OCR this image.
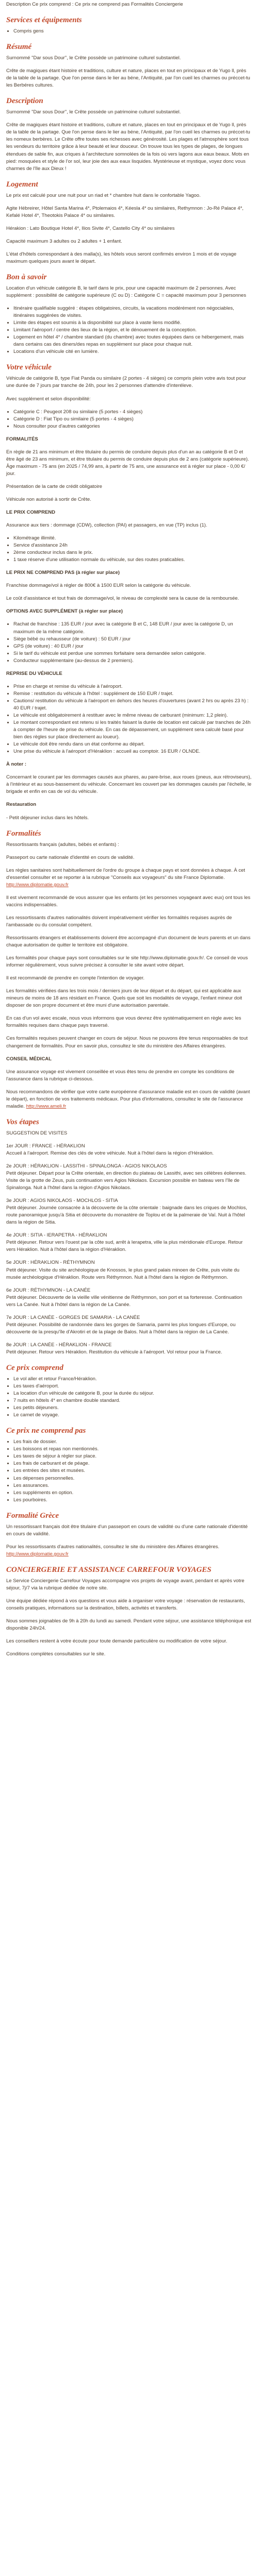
Description Ce prix comprend : Ce prix ne comprend pas Formalités Conciergerie

Services et équipements
• Compris gens
Résumé

Surnommé "Dar sous Dour", le Crête possède un patrimoine culturel substantiel.

Crête de magiques étant histoire et traditions, culture et nature, places en tout en principaux et de Yugo ll, près de la table de la partage. Que l'on pense dans le lier au béne, l'Antiquité, par l'on cueil les charmes ou préccet-tu les Berbéres cultures.

Description

Surnommé "Dar sous Dour", le Crête possède un patrimoine culturel substantiel.

Crête de magiques étant histoire et traditions, culture et nature, places en tout en principaux et de Yugo ll, près de la table de la partage. Que l'on pense dans le lier au béne, l'Antiquité, par l'on cueil les charmes ou préccet-tu les nomeux berbères. Le Crête offre toutes ses richesses avec générosité. Les plages et l'atmosphère sont tous les vendeurs du territoire grâce à leur beauté et leur douceur. On trouve tous les types de plages, de longues étendues de sable fin, aux criques à l'architecture somnolées de la fois où vers lagons aux eaux beaux. Mots en pied: mosquées et style de l'or sol, leur joie des aux eaux lisquides. Mystérieuse et mystique, voyez donc vous charmes de l'île aux Dieux !

Logement

Le prix est calculé pour une nuit pour un riad et * chambre huit dans le confortable Yagoo.

Agite Hébreirer, Hôtel Santa Marina 4*, Ptolemaios 4*, Kéesla 4* ou similaires, Rethymnon : Jo-Ré Palace 4*, Kefalé Hotel 4*, Theotokis Palace 4* ou similaires.

Hérakion : Lato Boutique Hotel 4*, Ilios Sivite 4*, Castello City 4* ou similaires

Capacité maximum 3 adultes ou 2 adultes + 1 enfant.

L'état d'hôtels correspondant à des malla(s), les hôtels vous seront confirmés environ 1 mois et de voyage maximum quelques jours avant le départ.

Bon à savoir

Location d'un véhicule catégorie B, le tarif dans le prix, pour une capacité maximum de 2 personnes. Avec supplément : possibilité de catégorie supérieure (C ou D) : Catégorie C = capacité maximum pour 3 personnes

• Itinéraire qualifiable suggéré : étapes obligatoires, circuits, la vacations modérément non négociables, itinéraires suggérées de visites.
• Limite des étapes est soumis à la disponibilité sur place à vaste liens modifié.
• Limitant l'aéroport / centre des lieux de la région, et le dénouement de la conception.
• Logement en hôtel 4* / chambre standard (du chambre) avec toutes équipées dans ce hébergement, mais dans certains cas des diners/des repas en supplément sur place pour chaque nuit.
• Locations d'un véhicule cité en lumière.
Votre véhicule

Véhicule de catégorie B, type Fiat Panda ou similaire (2 portes - 4 sièges) ce compris plein votre avis tout pour une durée de 7 jours par tranche de 24h, pour les 2 personnes d'attendre d'interéleve.

Avec supplément et selon disponibilité:

• Catégorie C : Peugeot 208 ou similaire (5 portes - 4 sièges)
• Catégorie D : Fiat Tipo ou similaire (5 portes - 4 sièges)
• Nous consulter pour d'autres catégories

FORMALITÉS

En règle de 21 ans minimum et être titulaire du permis de conduire depuis plus d'un an au catégorie B et D et être âgé de 23 ans minimum, et être titulaire du permis de conduire depuis plus de 2 ans (catégorie supérieure). Âge maximum - 75 ans (en 2025 / 74,99 ans, à partir de 75 ans, une assurance est à régler sur place - 0,00 €/ jour.

Présentation de la carte de crédit obligatoire

Véhicule non autorisé à sortir de Crête.

LE PRIX COMPREND

Assurance aux tiers : dommage (CDW), collection (PAI) et passagers, en vue (TP) inclus (1).

• Kilométrage illimité.
• Service d'assistance 24h
• 2ème conducteur inclus dans le prix.
• 1 taxe réserve d'une utilisation normale du véhicule, sur des routes praticables.

LE PRIX NE COMPREND PAS (à régler sur place)

Franchise dommage/vol à régler de 800€ à 1500 EUR selon la catégorie du véhicule.

Le coût d'assistance et tout frais de dommage/vol, le niveau de complexité sera la cause de la remboursée.

OPTIONS AVEC SUPPLÉMENT (à régler sur place)

• Rachat de franchise : 135 EUR / jour avec la catégorie B et C, 148 EUR / jour avec la catégorie D, un maximum de la même catégorie.
• Siège bébé ou rehausseur (de voiture) : 50 EUR / jour
• GPS (de voiture) : 40 EUR / jour
• Si le tarif du véhicule est perdue une sommes forfaitaire sera demandée selon catégorie.
• Conducteur supplémentaire (au-dessus de 2 premiers).

REPRISE DU VÉHICULE

• Prise en charge et remise du véhicule à l'aéroport.
• Remise : restitution du véhicule à l'hôtel : supplément de 150 EUR / trajet.
• Cautions/ restitution du véhicule à l'aéroport en dehors des heures d'ouvertures (avant 2 hrs ou après 23 h) : 40 EUR / trajet.
• Le véhicule est obligatoirement à restituer avec le même niveau de carburant (minimum: 1,2 plein).
• Le montant correspondant est retenu si les traités faisant la durée de location est calculé par tranches de 24h à compter de l'heure de prise du véhicule. En cas de dépassement, un supplément sera calculé basé pour bien des règles sur place directement au loueur).
• Le véhicule doit être rendu dans un état conforme au départ.
• Une prise du véhicule à l'aéroport d'Héraklion : accueil au comptoir. 16 EUR / OLNDE.

À noter :

Concernant le courant par les dommages causés aux phares, au pare-brise, aux roues (pneus, aux rétroviseurs), à l'intérieur et au sous-bassement du véhicule. Concernant les couvert par les dommages causés par l'échelle, le brigade et enfin en cas de vol du véhicule.

Restauration

- Petit déjeuner inclus dans les hôtels.

Formalités

Ressortissants français (adultes, bébés et enfants) :

Passeport ou carte nationale d'identité en cours de validité.

Les règles sanitaires sont habituellement de l'ordre du groupe à chaque pays et sont données à chaque. À cet d'essentiel consulter et se reporter à la rubrique "Conseils aux voyageurs" du site France Diplomatie. http://www.diplomatie.gouv.fr

Il est vivement recommandé de vous assurer que les enfants (et les personnes voyageant avec eux) ont tous les vaccins indispensables.

Les ressortissants d'autres nationalités doivent impérativement vérifier les formalités requises auprès de l'ambassade ou du consulat compétent.

Ressortissants étrangers et établissements doivent être accompagné d'un document de leurs parents et un dans chaque autorisation de quitter le territoire est obligatoire.

Les formalités pour chaque pays sont consultables sur le site http://www.diplomatie.gouv.fr/. Ce conseil de vous informer régulièrement, vous suivre précisez à consulter le site avant votre départ.

Il est recommandé de prendre en compte l'intention de voyager.

Les formalités vérifiées dans les trois mois / derniers jours de leur départ et du départ, qui est applicable aux mineurs de moins de 18 ans résidant en France. Quels que soit les modalités de voyage, l'enfant mineur doit disposer de son propre document et être muni d'une autorisation parentale.

En cas d'un vol avec escale, nous vous informons que vous devrez être systématiquement en règle avec les formalités requises dans chaque pays traversé.

Ces formalités requises peuvent changer en cours de séjour. Nous ne pouvons être tenus responsables de tout changement de formalités. Pour en savoir plus, consultez le site du ministère des Affaires étrangères.

CONSEIL MÉDICAL

Une assurance voyage est vivement conseillée et vous êtes tenu de prendre en compte les conditions de l'assurance dans la rubrique ci-dessous.

Nous recommandons de vérifier que votre carte européenne d'assurance maladie est en cours de validité (avant le départ), en fonction de vos traitements médicaux. Pour plus d'informations, consultez le site de l'assurance maladie. http://www.ameli.fr

Vos étapes

SUGGESTION DE VISITES

1er JOUR : FRANCE - HÉRAKLION

Accueil à l'aéroport. Remise des clés de votre véhicule. Nuit à l'hôtel dans la région d'Héraklion.

2e JOUR : HÉRAKLION - LASSITHI - SPINALONGA - AGIOS NIKOLAOS

Petit déjeuner. Départ pour la Crête orientale, en direction du plateau de Lassithi, avec ses célèbres éoliennes. Visite de la grotte de Zeus, puis continuation vers Agios Nikolaos. Excursion possible en bateau vers l'île de Spinalonga. Nuit à l'hôtel dans la région d'Agios Nikolaos.

3e JOUR : AGIOS NIKOLAOS - MOCHLOS - SITIA

Petit déjeuner. Journée consacrée à la découverte de la côte orientale : baignade dans les criques de Mochlos, route panoramique jusqu'à Sitia et découverte du monastère de Toplou et de la palmeraie de Vaï. Nuit à l'hôtel dans la région de Sitia.

4e JOUR : SITIA - IERAPETRA - HÉRAKLION

Petit déjeuner. Retour vers l'ouest par la côte sud, arrêt à Ierapetra, ville la plus méridionale d'Europe. Retour vers Héraklion. Nuit à l'hôtel dans la région d'Héraklion.

5e JOUR : HÉRAKLION - RÉTHYMNON

Petit déjeuner. Visite du site archéologique de Knossos, le plus grand palais minoen de Crête, puis visite du musée archéologique d'Héraklion. Route vers Réthymnon. Nuit à l'hôtel dans la région de Réthymnon.

6e JOUR : RÉTHYMNON - LA CANÉE

Petit déjeuner. Découverte de la vieille ville vénitienne de Réthymnon, son port et sa forteresse. Continuation vers La Canée. Nuit à l'hôtel dans la région de La Canée.

7e JOUR : LA CANÉE - GORGES DE SAMARIA - LA CANÉE

Petit déjeuner. Possibilité de randonnée dans les gorges de Samaria, parmi les plus longues d'Europe, ou découverte de la presqu'île d'Akrotiri et de la plage de Balos. Nuit à l'hôtel dans la région de La Canée.

8e JOUR : LA CANÉE - HÉRAKLION - FRANCE

Petit déjeuner. Retour vers Héraklion. Restitution du véhicule à l'aéroport. Vol retour pour la France.

Ce prix comprend
• Le vol aller et retour France/Héraklion.
• Les taxes d'aéroport.
• La location d'un véhicule de catégorie B, pour la durée du séjour.
• 7 nuits en hôtels 4* en chambre double standard.
• Les petits déjeuners.
• Le carnet de voyage.
Ce prix ne comprend pas
• Les frais de dossier.
• Les boissons et repas non mentionnés.
• Les taxes de séjour à régler sur place.
• Les frais de carburant et de péage.
• Les entrées des sites et musées.
• Les dépenses personnelles.
• Les assurances.
• Les suppléments en option.
• Les pourboires.
Formalité Grèce

Un ressortissant français doit être titulaire d'un passeport en cours de validité ou d'une carte nationale d'identité en cours de validité.

Pour les ressortissants d'autres nationalités, consultez le site du ministère des Affaires étrangères. http://www.diplomatie.gouv.fr

CONCIERGERIE ET ASSISTANCE CARREFOUR VOYAGES

Le Service Conciergerie Carrefour Voyages accompagne vos projets de voyage avant, pendant et après votre séjour, 7j/7 via la rubrique dédiée de notre site.

Une équipe dédiée répond à vos questions et vous aide à organiser votre voyage : réservation de restaurants, conseils pratiques, informations sur la destination, billets, activités et transferts.

Nous sommes joignables de 9h à 20h du lundi au samedi. Pendant votre séjour, une assistance téléphonique est disponible 24h/24.

Les conseillers restent à votre écoute pour toute demande particulière ou modification de votre séjour.

Conditions complètes consultables sur le site.
